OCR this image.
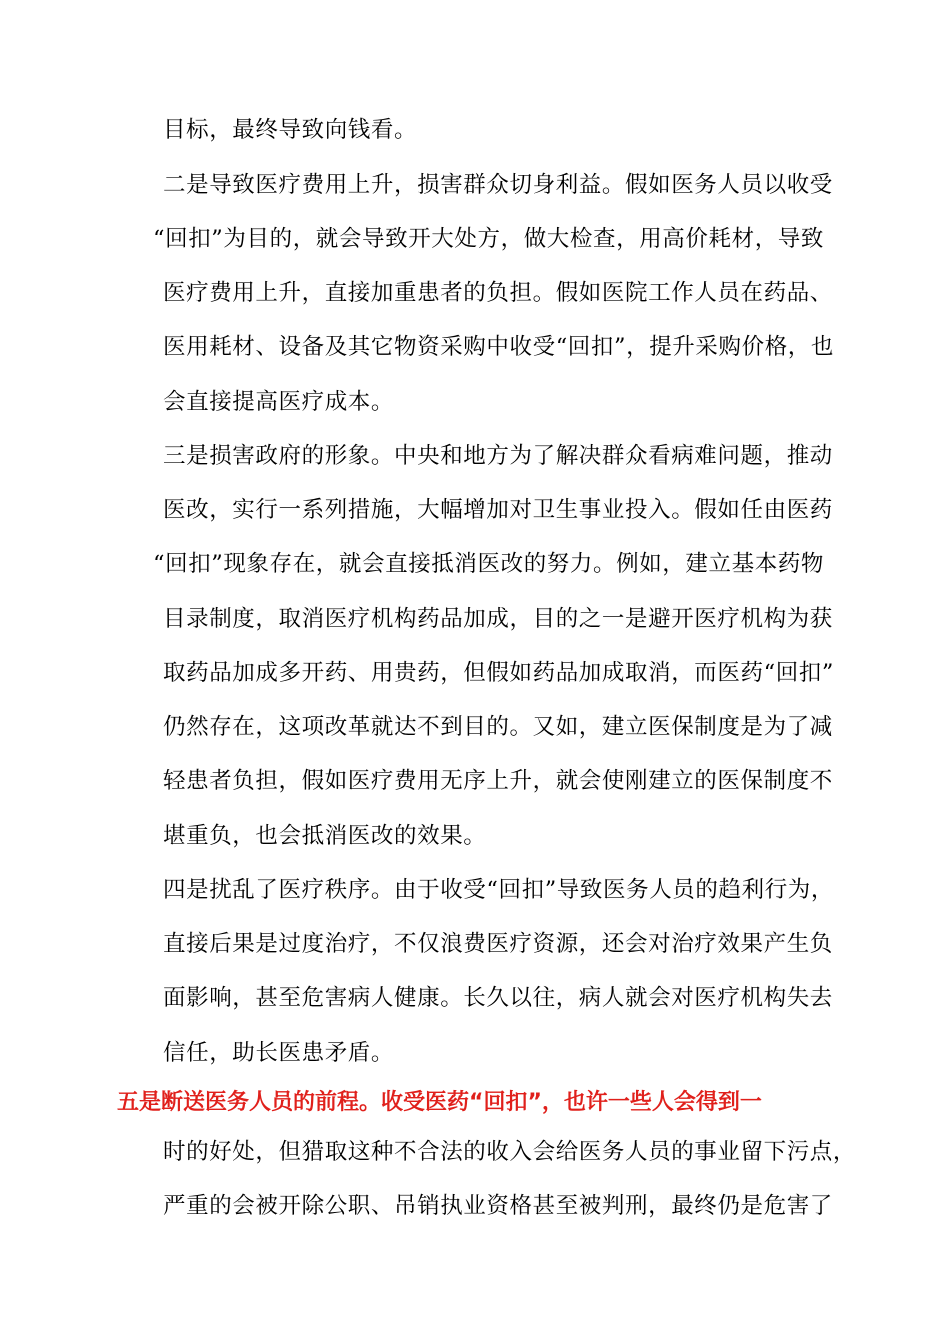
目标，最终导致向钱看。
二是导致医疗费用上升，损害群众切身利益。假如医务人员以收受
“回扣”为目的，就会导致开大处方，做大检查，用高价耗材，导致
医疗费用上升，直接加重患者的负担。假如医院工作人员在药品、
医用耗材、设备及其它物资采购中收受“回扣”，提升采购价格，也
会直接提高医疗成本。
三是损害政府的形象。中央和地方为了解决群众看病难问题，推动
医改，实行一系列措施，大幅增加对卫生事业投入。假如任由医药
“回扣”现象存在，就会直接抵消医改的努力。例如，建立基本药物
目录制度，取消医疗机构药品加成，目的之一是避开医疗机构为获
取药品加成多开药、用贵药，但假如药品加成取消，而医药“回扣”
仍然存在，这项改革就达不到目的。又如，建立医保制度是为了减
轻患者负担，假如医疗费用无序上升，就会使刚建立的医保制度不
堪重负，也会抵消医改的效果。
四是扰乱了医疗秩序。由于收受“回扣”导致医务人员的趋利行为，
直接后果是过度治疗，不仅浪费医疗资源，还会对治疗效果产生负
面影响，甚至危害病人健康。长久以往，病人就会对医疗机构失去
信任，助长医患矛盾。
五是断送医务人员的前程。收受医药“回扣”，也许一些人会得到一
时的好处，但猎取这种不合法的收入会给医务人员的事业留下污点，
严重的会被开除公职、吊销执业资格甚至被判刑，最终仍是危害了
